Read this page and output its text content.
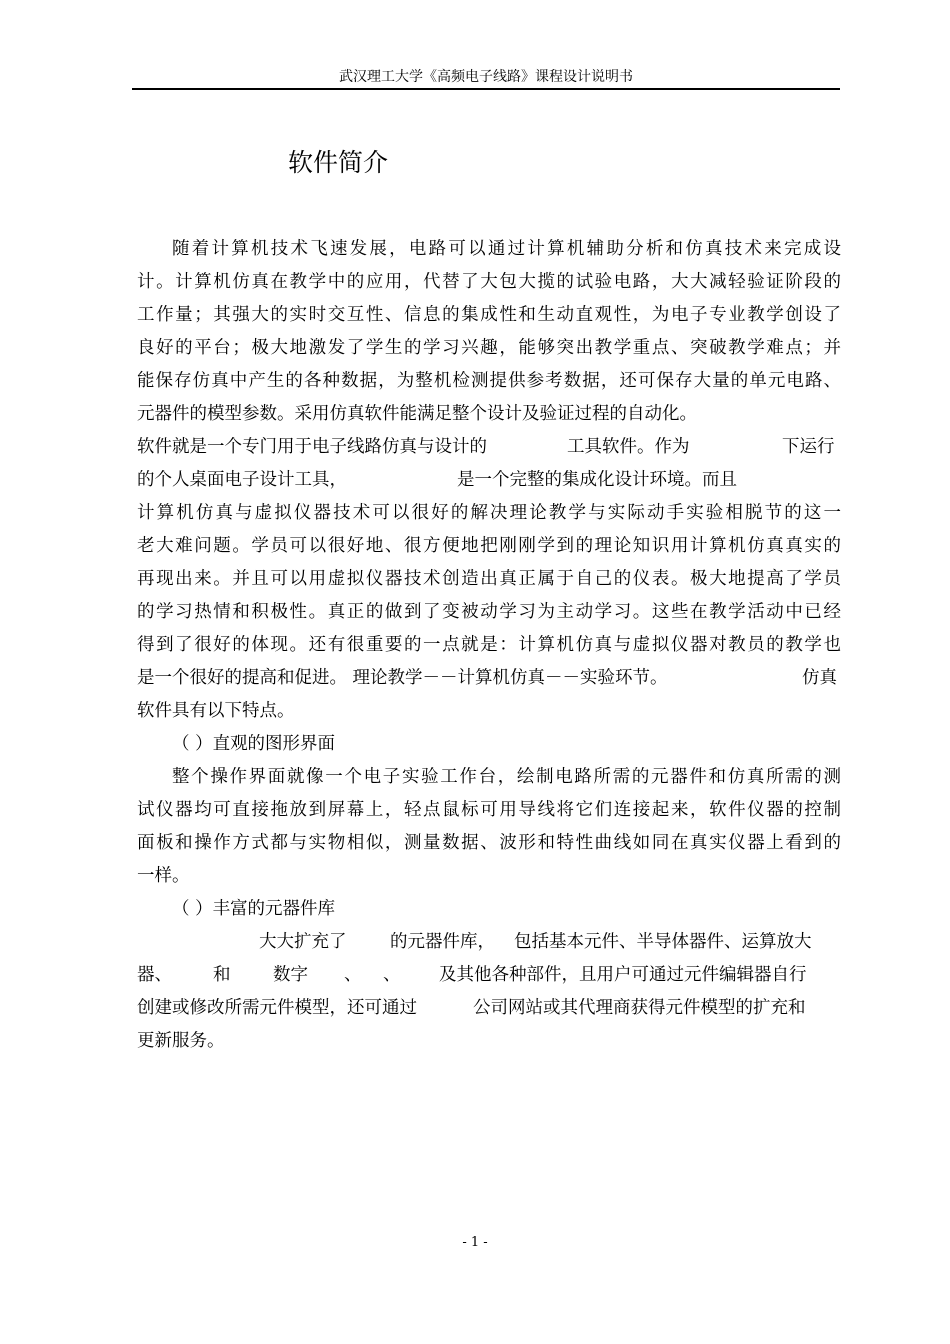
武汉理工大学《高频电子线路》课程设计说明书
软件简介
随着计算机技术飞速发展，电路可以通过计算机辅助分析和仿真技术来完成设
计。计算机仿真在教学中的应用，代替了大包大揽的试验电路，大大减轻验证阶段的
工作量；其强大的实时交互性、信息的集成性和生动直观性，为电子专业教学创设了
良好的平台；极大地激发了学生的学习兴趣，能够突出教学重点、突破教学难点；并
能保存仿真中产生的各种数据，为整机检测提供参考数据，还可保存大量的单元电路、
元器件的模型参数。采用仿真软件能满足整个设计及验证过程的自动化。

软件就是一个专门用于电子线路仿真与设计的

	工具软件。作为

	下运行

的个人桌面电子设计工具，

	是一个完整的集成化设计环境。而且

计算机仿真与虚拟仪器技术可以很好的解决理论教学与实际动手实验相脱节的这一
老大难问题。学员可以很好地、很方便地把刚刚学到的理论知识用计算机仿真真实的
再现出来。并且可以用虚拟仪器技术创造出真正属于自己的仪表。极大地提高了学员
的学习热情和积极性。真正的做到了变被动学习为主动学习。这些在教学活动中已经
得到了很好的体现。还有很重要的一点就是：计算机仿真与虚拟仪器对教员的教学也

是一个很好的提高和促进。 理论教学－－计算机仿真－－实验环节。

	仿真

软件具有以下特点。
（ ）直观的图形界面
整个操作界面就像一个电子实验工作台，绘制电路所需的元器件和仿真所需的测
试仪器均可直接拖放到屏幕上，轻点鼠标可用导线将它们连接起来，软件仪器的控制
面板和操作方式都与实物相似，测量数据、波形和特性曲线如同在真实仪器上看到的
一样。
（ ）丰富的元器件库

大大扩充了

的元器件库，

包括基本元件、半导体器件、运算放大

器、

和

数字

、

、

及其他各种部件，且用户可通过元件编辑器自行

创建或修改所需元件模型，还可通过

	公司网站或其代理商获得元件模型的扩充和

更新服务。
- 1 -
